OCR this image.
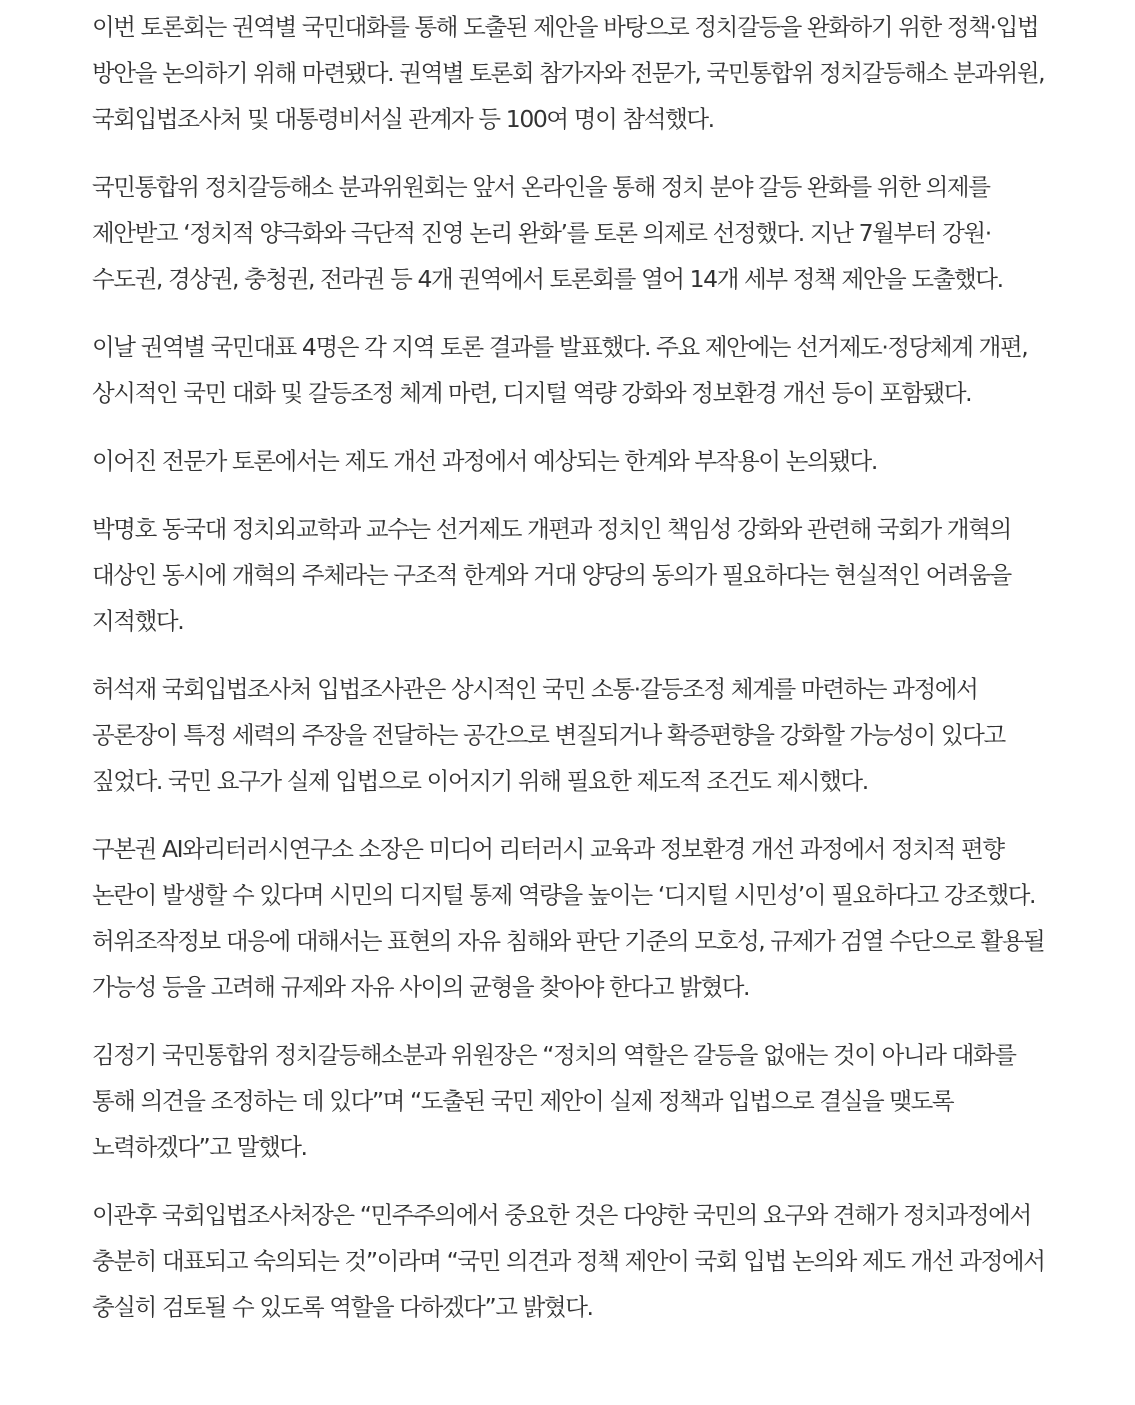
이번 토론회는 권역별 국민대화를 통해 도출된 제안을 바탕으로 정치갈등을 완화하기 위한 정책·입법 방안을 논의하기 위해 마련됐다. 권역별 토론회 참가자와 전문가, 국민통합위 정치갈등해소 분과위원, 국회입법조사처 및 대통령비서실 관계자 등 100여 명이 참석했다.

국민통합위 정치갈등해소 분과위원회는 앞서 온라인을 통해 정치 분야 갈등 완화를 위한 의제를 제안받고 ‘정치적 양극화와 극단적 진영 논리 완화’를 토론 의제로 선정했다. 지난 7월부터 강원·수도권, 경상권, 충청권, 전라권 등 4개 권역에서 토론회를 열어 14개 세부 정책 제안을 도출했다.

이날 권역별 국민대표 4명은 각 지역 토론 결과를 발표했다. 주요 제안에는 선거제도·정당체계 개편, 상시적인 국민 대화 및 갈등조정 체계 마련, 디지털 역량 강화와 정보환경 개선 등이 포함됐다.

이어진 전문가 토론에서는 제도 개선 과정에서 예상되는 한계와 부작용이 논의됐다.

박명호 동국대 정치외교학과 교수는 선거제도 개편과 정치인 책임성 강화와 관련해 국회가 개혁의 대상인 동시에 개혁의 주체라는 구조적 한계와 거대 양당의 동의가 필요하다는 현실적인 어려움을 지적했다.

허석재 국회입법조사처 입법조사관은 상시적인 국민 소통·갈등조정 체계를 마련하는 과정에서 공론장이 특정 세력의 주장을 전달하는 공간으로 변질되거나 확증편향을 강화할 가능성이 있다고 짚었다. 국민 요구가 실제 입법으로 이어지기 위해 필요한 제도적 조건도 제시했다.

구본권 AI와리터러시연구소 소장은 미디어 리터러시 교육과 정보환경 개선 과정에서 정치적 편향 논란이 발생할 수 있다며 시민의 디지털 통제 역량을 높이는 ‘디지털 시민성’이 필요하다고 강조했다. 허위조작정보 대응에 대해서는 표현의 자유 침해와 판단 기준의 모호성, 규제가 검열 수단으로 활용될 가능성 등을 고려해 규제와 자유 사이의 균형을 찾아야 한다고 밝혔다.

김정기 국민통합위 정치갈등해소분과 위원장은 “정치의 역할은 갈등을 없애는 것이 아니라 대화를 통해 의견을 조정하는 데 있다”며 “도출된 국민 제안이 실제 정책과 입법으로 결실을 맺도록 노력하겠다”고 말했다.

이관후 국회입법조사처장은 “민주주의에서 중요한 것은 다양한 국민의 요구와 견해가 정치과정에서 충분히 대표되고 숙의되는 것”이라며 “국민 의견과 정책 제안이 국회 입법 논의와 제도 개선 과정에서 충실히 검토될 수 있도록 역할을 다하겠다”고 밝혔다.
